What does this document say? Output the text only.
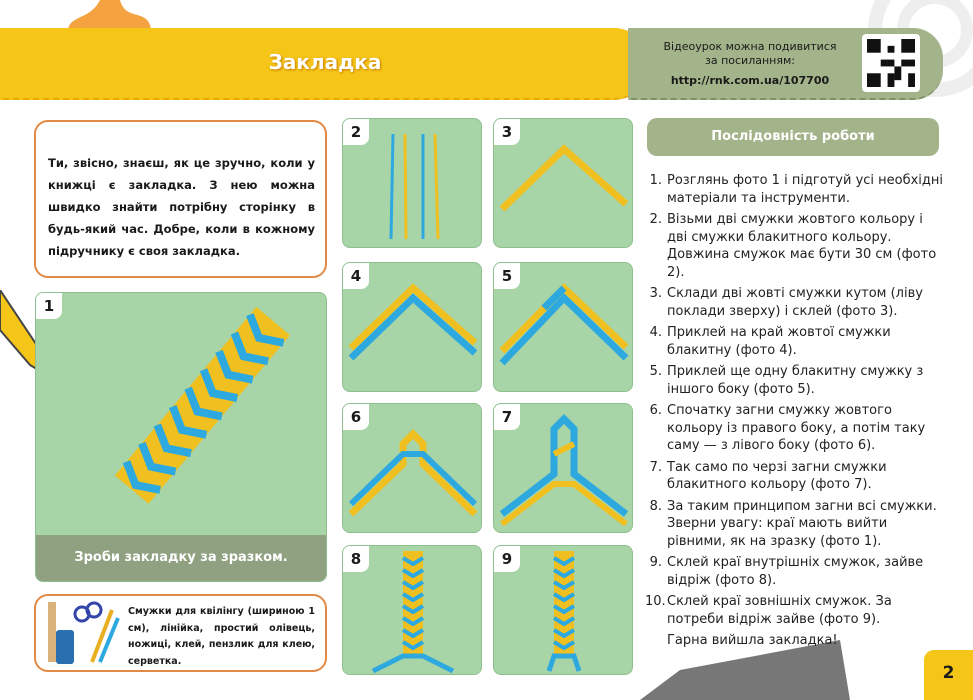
Закладка
Відеоурок можна подивитися
за посиланням:
http://rnk.com.ua/107700
Ти, звісно, знаєш, як це зручно, коли у книжці є закладка. З нею можна швидко знайти потрібну сторінку в будь-який час. Добре, коли в кожному підручнику є своя закладка.
1
Зроби закладку за зразком.
2	3
4	5
6	7
8	9
Смужки для квілінгу (шириною 1 см), лінійка, простий олівець, ножиці, клей, пензлик для клею, серветка.
Послідовність роботи
1. Розглянь фото 1 і підготуй усі необхідні матеріали та інструменти.
2. Візьми дві смужки жовтого кольору і дві смужки блакитного кольору. Довжина смужок має бути 30 см (фото 2).
3. Склади дві жовті смужки кутом (ліву поклади зверху) і склей (фото 3).
4. Приклей на край жовтої смужки блакитну (фото 4).
5. Приклей ще одну блакитну смужку з іншого боку (фото 5).
6. Спочатку загни смужку жовтого кольору із правого боку, а потім таку саму — з лівого боку (фото 6).
7. Так само по черзі загни смужки блакитного кольору (фото 7).
8. За таким принципом загни всі смужки. Зверни увагу: краї мають вийти рівними, як на зразку (фото 1).
9. Склей краї внутрішніх смужок, зайве відріж (фото 8).
10. Склей краї зовнішніх смужок. За потреби відріж зайве (фото 9).
Гарна вийшла закладка!
2
